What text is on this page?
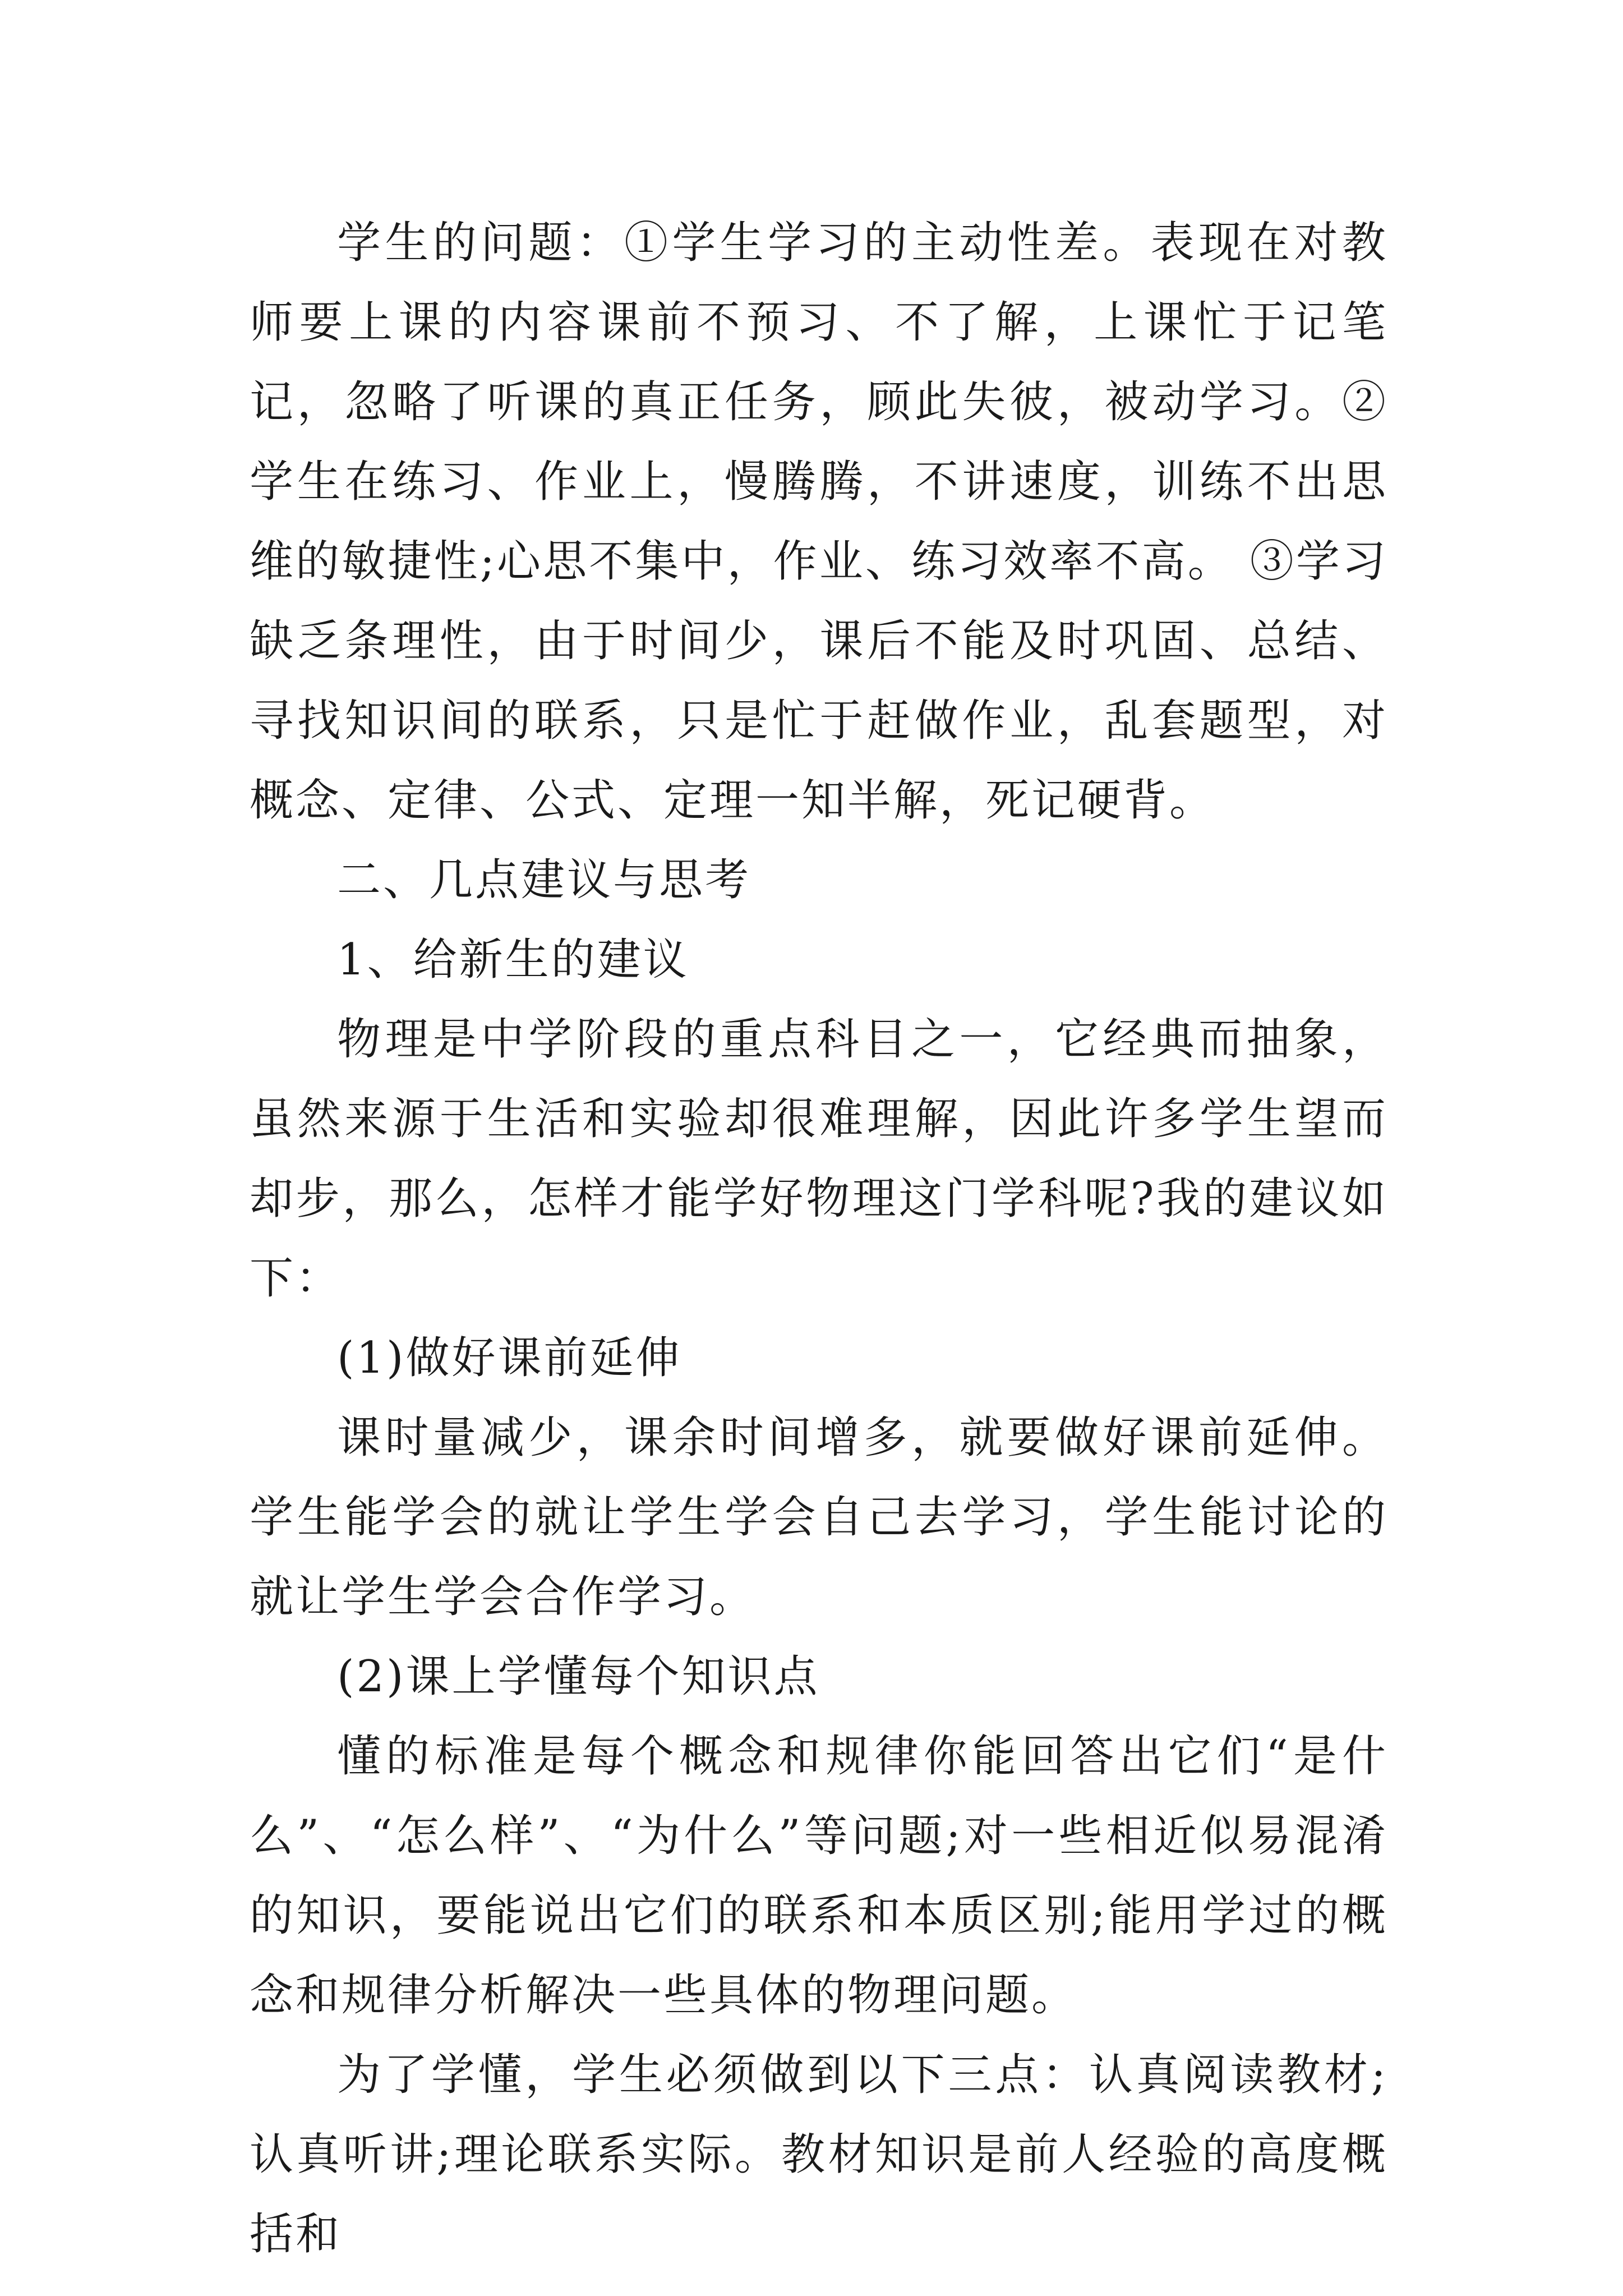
学生的问题：①学生学习的主动性差。表现在对教师要上课的内容课前不预习、不了解，上课忙于记笔记，忽略了听课的真正任务，顾此失彼，被动学习。②学生在练习、作业上，慢腾腾，不讲速度，训练不出思维的敏捷性;心思不集中，作业、练习效率不高。 ③学习缺乏条理性，由于时间少，课后不能及时巩固、总结、寻找知识间的联系，只是忙于赶做作业，乱套题型，对概念、定律、公式、定理一知半解，死记硬背。

二、几点建议与思考

1、给新生的建议

物理是中学阶段的重点科目之一，它经典而抽象，虽然来源于生活和实验却很难理解，因此许多学生望而却步，那么，怎样才能学好物理这门学科呢?我的建议如下：

(1)做好课前延伸

课时量减少，课余时间增多，就要做好课前延伸。学生能学会的就让学生学会自己去学习，学生能讨论的就让学生学会合作学习。

(2)课上学懂每个知识点

懂的标准是每个概念和规律你能回答出它们“是什么”、“怎么样”、“为什么”等问题;对一些相近似易混淆的知识，要能说出它们的联系和本质区别;能用学过的概念和规律分析解决一些具体的物理问题。

为了学懂，学生必须做到以下三点：认真阅读教材;认真听讲;理论联系实际。教材知识是前人经验的高度概括和
